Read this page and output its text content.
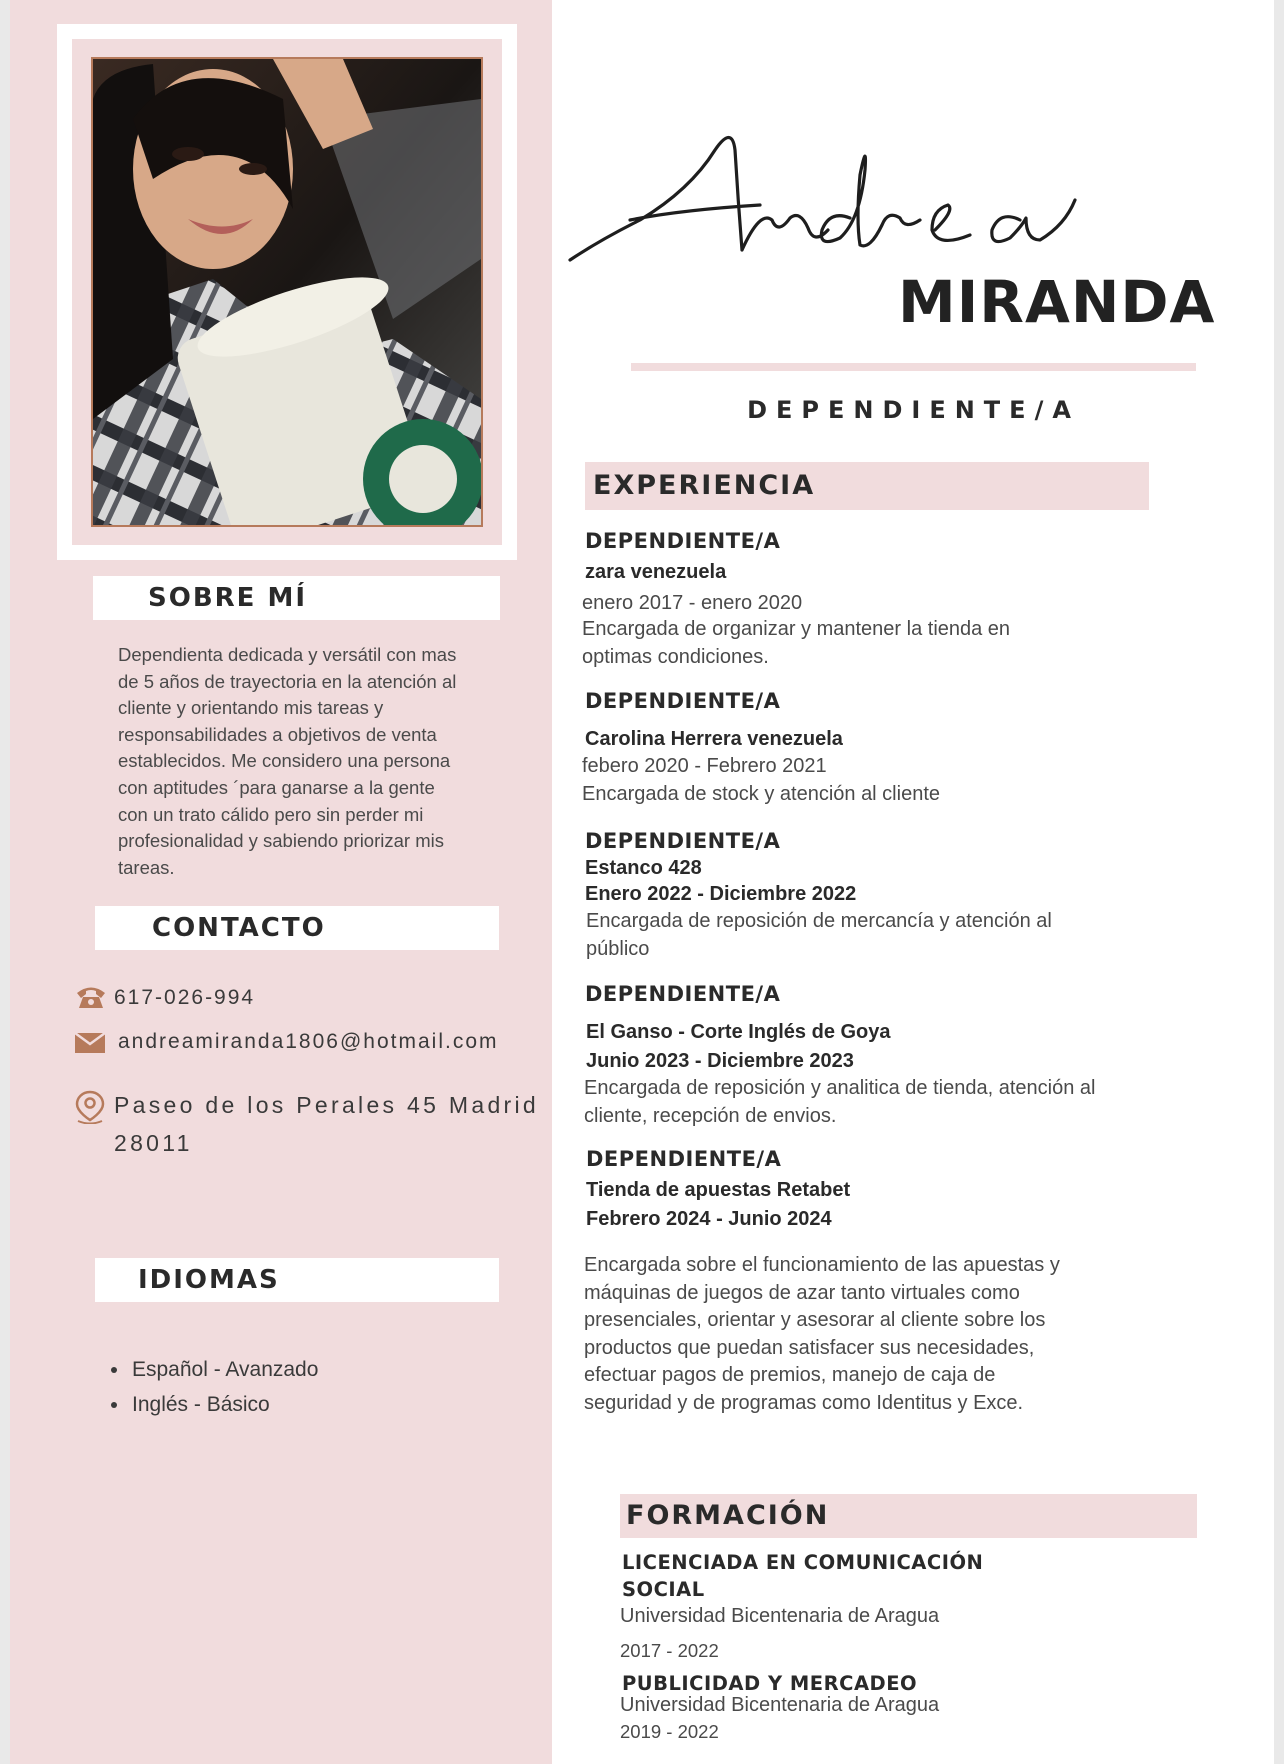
SOBRE MÍ
Dependienta dedicada y versátil con mas
de 5 años de trayectoria en la atención al
cliente y orientando mis tareas y
responsabilidades a objetivos de venta
establecidos. Me considero una persona
con aptitudes ´para ganarse a la gente
con un trato cálido pero sin perder mi
profesionalidad y sabiendo priorizar mis
tareas.
CONTACTO
617-026-994
andreamiranda1806@hotmail.com
Paseo de los Perales 45 Madrid
28011
IDIOMAS
• Español - Avanzado
• Inglés - Básico
Andrea
MIRANDA
DEPENDIENTE/A
EXPERIENCIA
DEPENDIENTE/A
zara venezuela
enero 2017 - enero 2020
Encargada de organizar y mantener la tienda en
optimas condiciones.
DEPENDIENTE/A
Carolina Herrera venezuela
febero 2020 - Febrero 2021
Encargada de stock y atención al cliente
DEPENDIENTE/A
Estanco 428
Enero 2022 - Diciembre 2022
Encargada de reposición de mercancía y atención al
público
DEPENDIENTE/A
El Ganso - Corte Inglés de Goya
Junio 2023 - Diciembre 2023
Encargada de reposición y analitica de tienda, atención al
cliente, recepción de envios.
DEPENDIENTE/A
Tienda de apuestas Retabet
Febrero 2024 - Junio 2024
Encargada sobre el funcionamiento de las apuestas y
máquinas de juegos de azar tanto virtuales como
presenciales, orientar y asesorar al cliente sobre los
productos que puedan satisfacer sus necesidades,
efectuar pagos de premios, manejo de caja de
seguridad y de programas como Identitus y Exce.
FORMACIÓN
LICENCIADA EN COMUNICACIÓN
SOCIAL
Universidad Bicentenaria de Aragua
2017 - 2022
PUBLICIDAD Y MERCADEO
Universidad Bicentenaria de Aragua
2019 - 2022
